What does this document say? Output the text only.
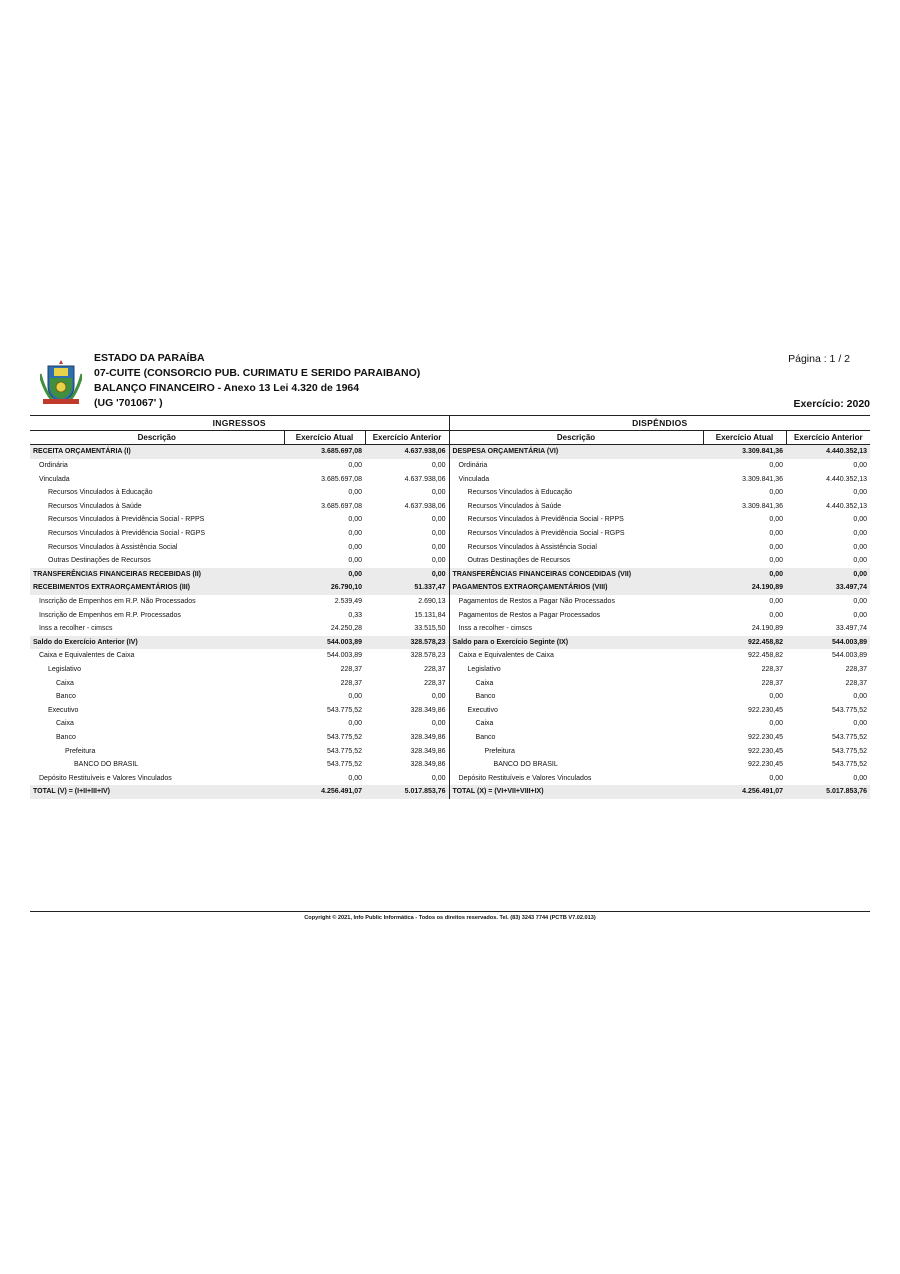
ESTADO DA PARAÍBA
07-CUITE (CONSORCIO PUB. CURIMATU E SERIDO PARAIBANO)
BALANÇO FINANCEIRO - Anexo 13 Lei 4.320 de 1964
(UG '701067' )
Página : 1 / 2
Exercício: 2020
INGRESSOS			DISPÊNDIOS		
Descrição	Exercício Atual	Exercício Anterior	Descrição	Exercício Atual	Exercício Anterior
RECEITA ORÇAMENTÁRIA (I)	3.685.697,08	4.637.938,06	DESPESA ORÇAMENTÁRIA (VI)	3.309.841,36	4.440.352,13
Ordinária	0,00	0,00	Ordinária	0,00	0,00
Vinculada	3.685.697,08	4.637.938,06	Vinculada	3.309.841,36	4.440.352,13
Recursos Vinculados à Educação	0,00	0,00	Recursos Vinculados à Educação	0,00	0,00
Recursos Vinculados à Saúde	3.685.697,08	4.637.938,06	Recursos Vinculados à Saúde	3.309.841,36	4.440.352,13
Recursos Vinculados à Previdência Social - RPPS	0,00	0,00	Recursos Vinculados à Previdência Social - RPPS	0,00	0,00
Recursos Vinculados à Previdência Social - RGPS	0,00	0,00	Recursos Vinculados à Previdência Social - RGPS	0,00	0,00
Recursos Vinculados à Assistência Social	0,00	0,00	Recursos Vinculados à Assistência Social	0,00	0,00
Outras Destinações de Recursos	0,00	0,00	Outras Destinações de Recursos	0,00	0,00
TRANSFERÊNCIAS FINANCEIRAS RECEBIDAS (II)	0,00	0,00	TRANSFERÊNCIAS FINANCEIRAS CONCEDIDAS (VII)	0,00	0,00
RECEBIMENTOS EXTRAORÇAMENTÁRIOS (III)	26.790,10	51.337,47	PAGAMENTOS EXTRAORÇAMENTÁRIOS (VIII)	24.190,89	33.497,74
Inscrição de Empenhos em R.P. Não Processados	2.539,49	2.690,13	Pagamentos de Restos a Pagar Não Processados	0,00	0,00
Inscrição de Empenhos em R.P. Processados	0,33	15.131,84	Pagamentos de Restos a Pagar Processados	0,00	0,00
Inss a recolher - cimscs	24.250,28	33.515,50	Inss a recolher - cimscs	24.190,89	33.497,74
Saldo do Exercício Anterior (IV)	544.003,89	328.578,23	Saldo para o Exercício Seginte (IX)	922.458,82	544.003,89
Caixa e Equivalentes de Caixa	544.003,89	328.578,23	Caixa e Equivalentes de Caixa	922.458,82	544.003,89
Legislativo	228,37	228,37	Legislativo	228,37	228,37
Caixa	228,37	228,37	Caixa	228,37	228,37
Banco	0,00	0,00	Banco	0,00	0,00
Executivo	543.775,52	328.349,86	Executivo	922.230,45	543.775,52
Caixa	0,00	0,00	Caixa	0,00	0,00
Banco	543.775,52	328.349,86	Banco	922.230,45	543.775,52
Prefeitura	543.775,52	328.349,86	Prefeitura	922.230,45	543.775,52
BANCO DO BRASIL	543.775,52	328.349,86	BANCO DO BRASIL	922.230,45	543.775,52
Depósito Restituíveis e Valores Vinculados	0,00	0,00	Depósito Restituíveis e Valores Vinculados	0,00	0,00
TOTAL (V) = (I+II+III+IV)	4.256.491,07	5.017.853,76	TOTAL (X) = (VI+VII+VIII+IX)	4.256.491,07	5.017.853,76
Copyright © 2021, Info Public Informática - Todos os direitos reservados. Tel. (83) 3243 7744 (PCTB V7.02.013)
